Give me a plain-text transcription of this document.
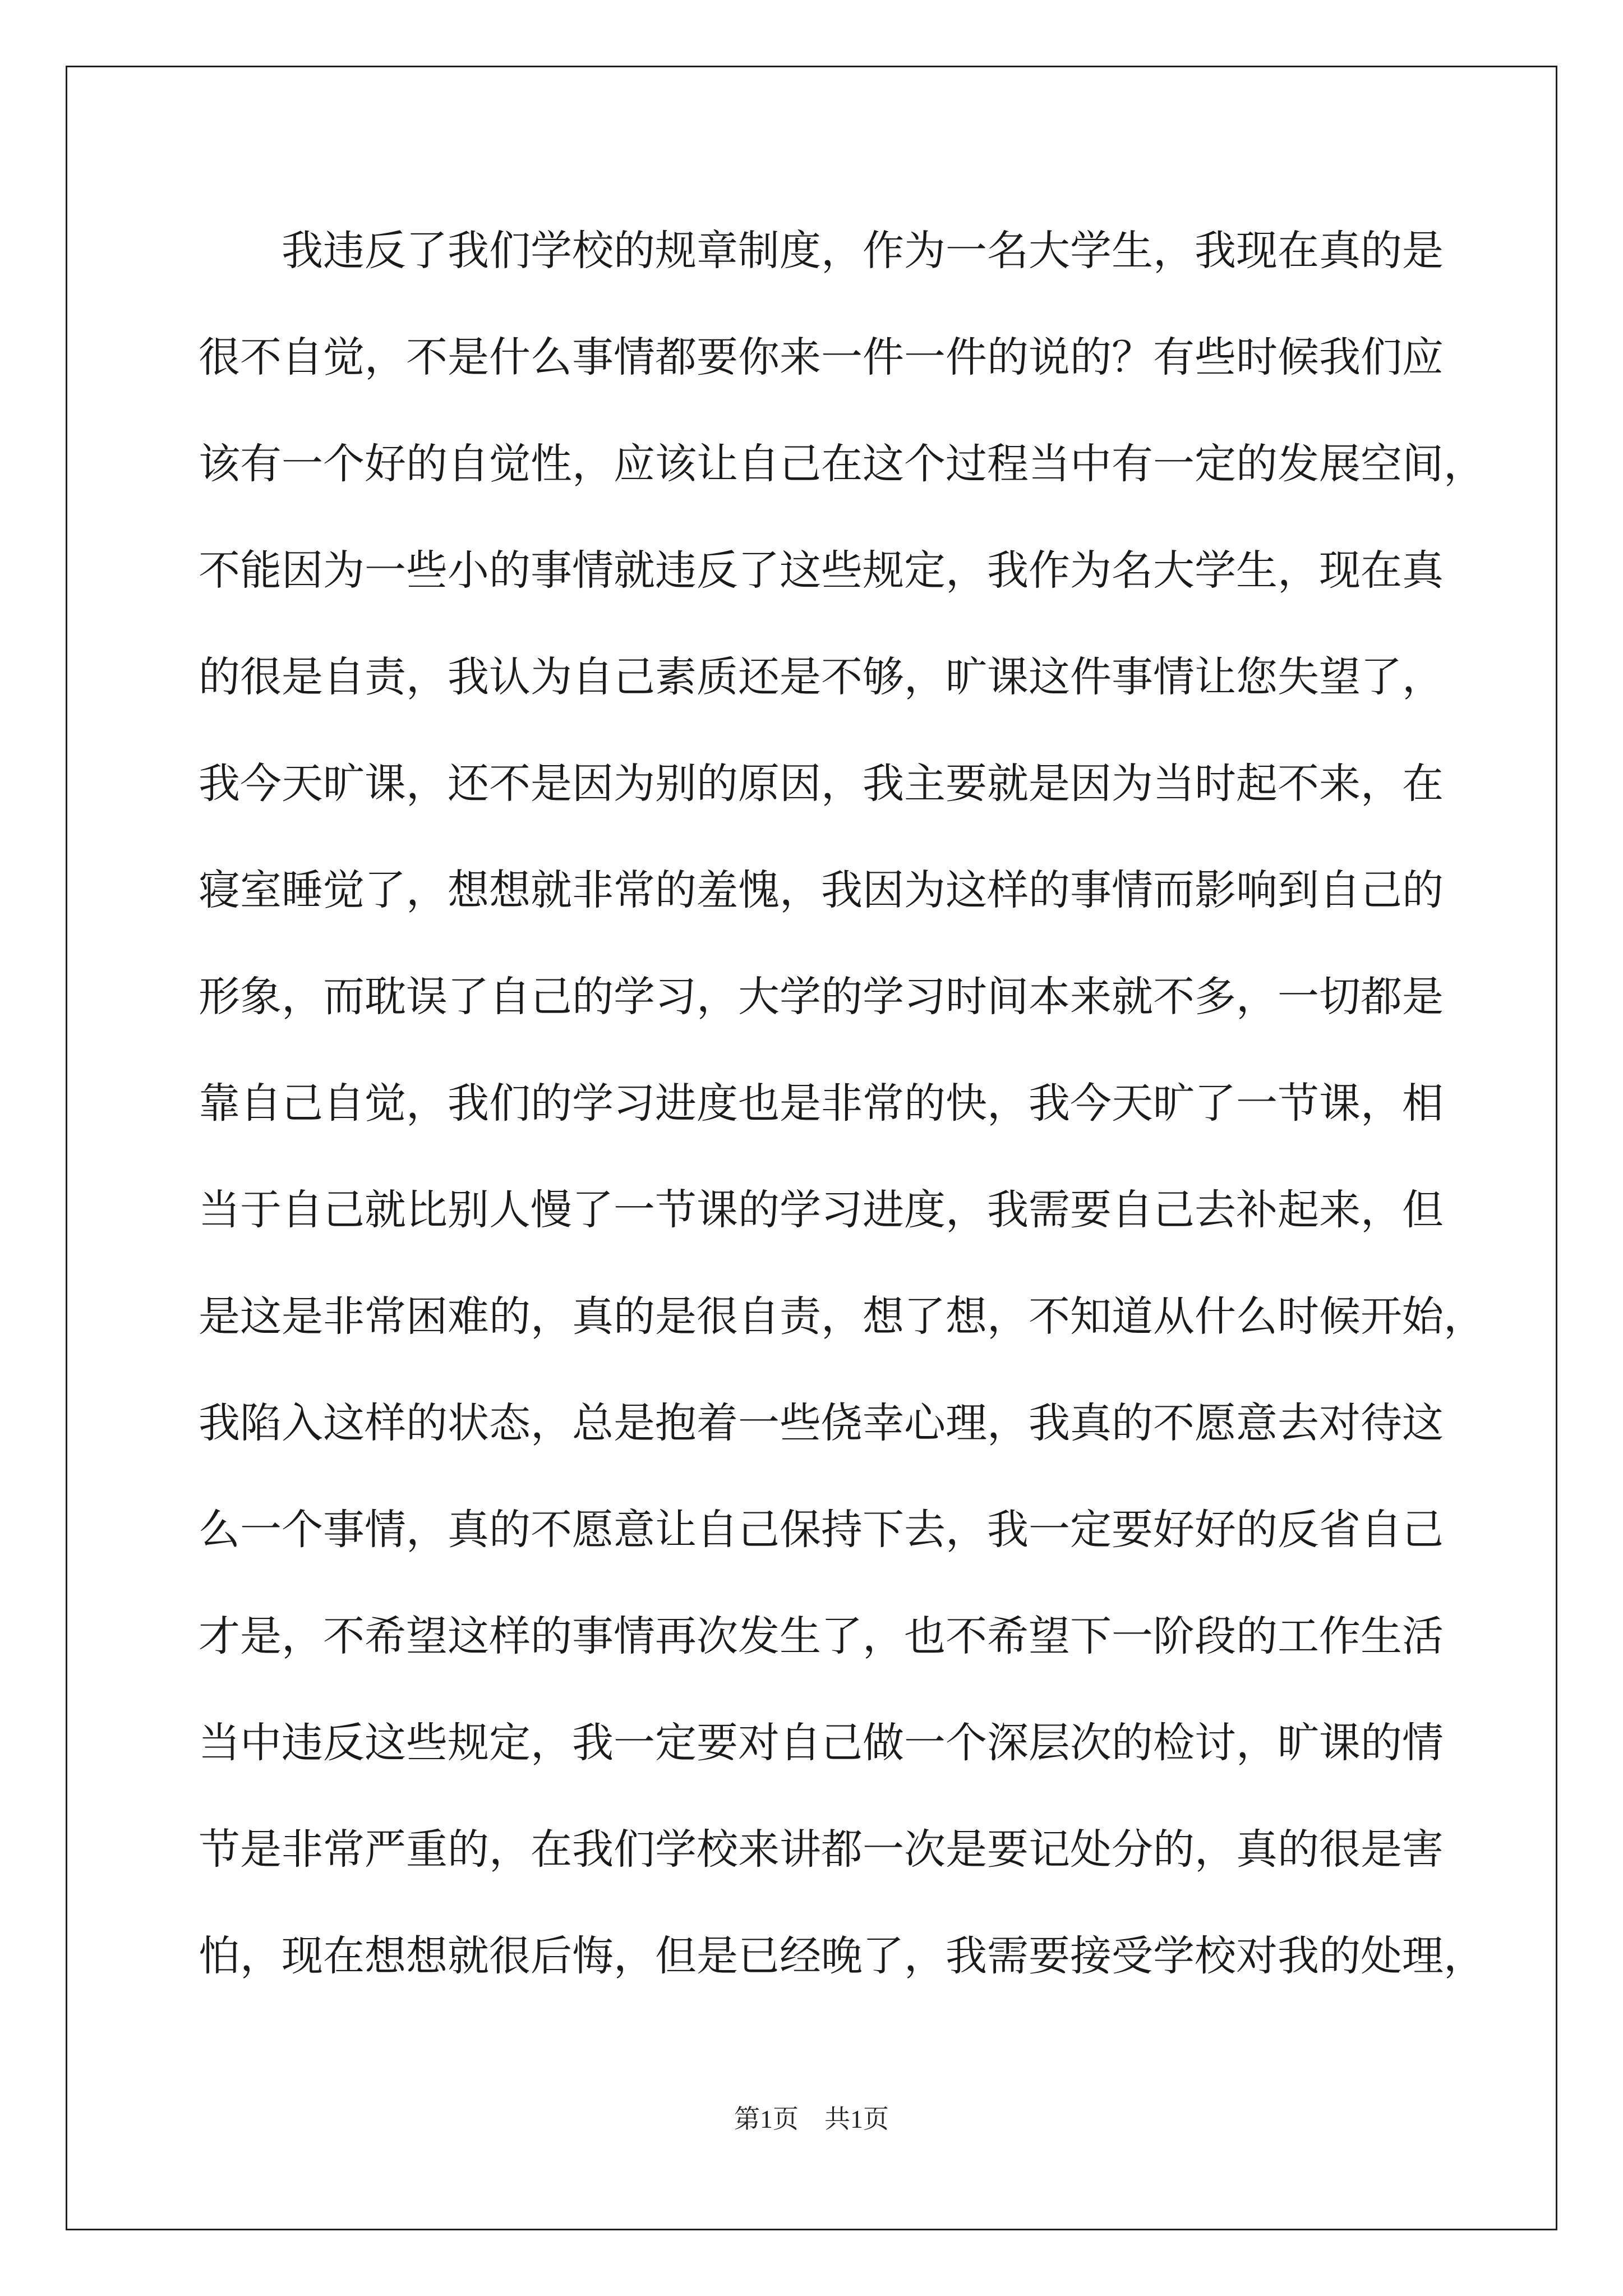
我违反了我们学校的规章制度，作为一名大学生，我现在真的是
很不自觉，不是什么事情都要你来一件一件的说的？有些时候我们应
该有一个好的自觉性，应该让自己在这个过程当中有一定的发展空间，
不能因为一些小的事情就违反了这些规定，我作为名大学生，现在真
的很是自责，我认为自己素质还是不够，旷课这件事情让您失望了，
我今天旷课，还不是因为别的原因，我主要就是因为当时起不来，在
寝室睡觉了，想想就非常的羞愧，我因为这样的事情而影响到自己的
形象，而耽误了自己的学习，大学的学习时间本来就不多，一切都是
靠自己自觉，我们的学习进度也是非常的快，我今天旷了一节课，相
当于自己就比别人慢了一节课的学习进度，我需要自己去补起来，但
是这是非常困难的，真的是很自责，想了想，不知道从什么时候开始，
我陷入这样的状态，总是抱着一些侥幸心理，我真的不愿意去对待这
么一个事情，真的不愿意让自己保持下去，我一定要好好的反省自己
才是，不希望这样的事情再次发生了，也不希望下一阶段的工作生活
当中违反这些规定，我一定要对自己做一个深层次的检讨，旷课的情
节是非常严重的，在我们学校来讲都一次是要记处分的，真的很是害
怕，现在想想就很后悔，但是已经晚了，我需要接受学校对我的处理，
第1页 共1页
